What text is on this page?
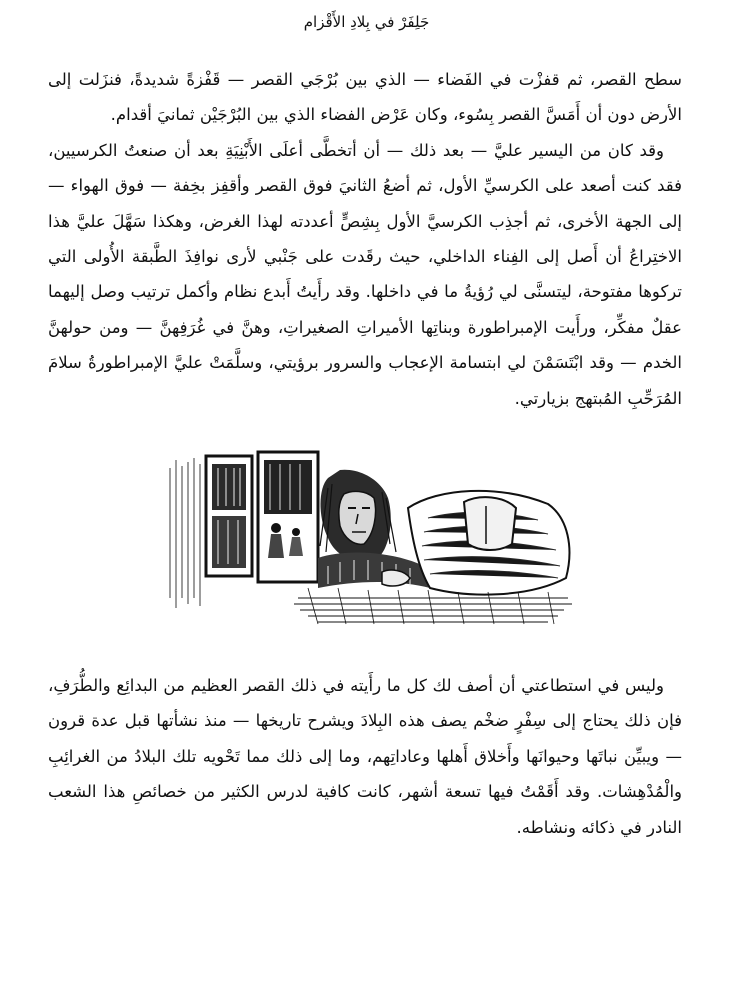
جَلِفَرْ في بِلادِ الأَقْزام

سطح القصر، ثم قفزْت في الفَضاء — الذي بين بُرْجَي القصر — قَفْزةً شديدةً، فنزَلت إلى الأرض دون أن أَمَسَّ القصر بِسُوء، وكان عَرْض الفضاء الذي بين البُرْجَيْن ثمانيَ أقدام.

وقد كان من اليسير عليَّ — بعد ذلك — أن أتخطَّى أعلَى الأَبْنِيَةِ بعد أن صنعتُ الكرسيين، فقد كنت أصعد على الكرسيِّ الأول، ثم أضعُ الثانيَ فوق القصر وأقفِز بخِفة — فوق الهواء — إلى الجهة الأخرى، ثم أجذِب الكرسيَّ الأول بِشِصٍّ أعددته لهذا الغرض، وهكذا سَهَّلَ عليَّ هذا الاختِراعُ أن أَصل إلى الفِناء الداخلي، حيث رقَدت على جَنْبي لأرى نوافِذَ الطَّبقة الأُولى التي تركوها مفتوحة، ليتسنَّى لي رُؤيةُ ما في داخلها. وقد رأَيتُ أَبدع نظام وأكمل ترتيب وصل إليهما عقلٌ مفكِّر، ورأَيت الإمبراطورة وبناتِها الأميراتِ الصغيراتِ، وهنَّ في غُرَفِهنَّ — ومن حولهنَّ الخدم — وقد ابْتَسَمْنَ لي ابتسامة الإعجاب والسرور برؤيتي، وسلَّمَتْ عليَّ الإمبراطورةُ سلامَ المُرَحِّبِ المُبتهج بزيارتي.

وليس في استطاعتي أن أصف لك كل ما رأَيته في ذلك القصر العظيم من البدائِع والطُّرَفِ، فإن ذلك يحتاج إلى سِفْرٍ ضخْم يصف هذه البِلادَ ويشرح تاريخها — منذ نشأتها قبل عدة قرون — ويبيِّن نباتَها وحيوانَها وأَخلاق أَهلها وعاداتِهم، وما إلى ذلك مما تَحْويه تلك البلادُ من الغرائِبِ والْمُدْهِشات. وقد أَقَمْتُ فيها تسعة أشهر، كانت كافية لدرس الكثير من خصائصِ هذا الشعب النادر في ذكائه ونشاطه.
